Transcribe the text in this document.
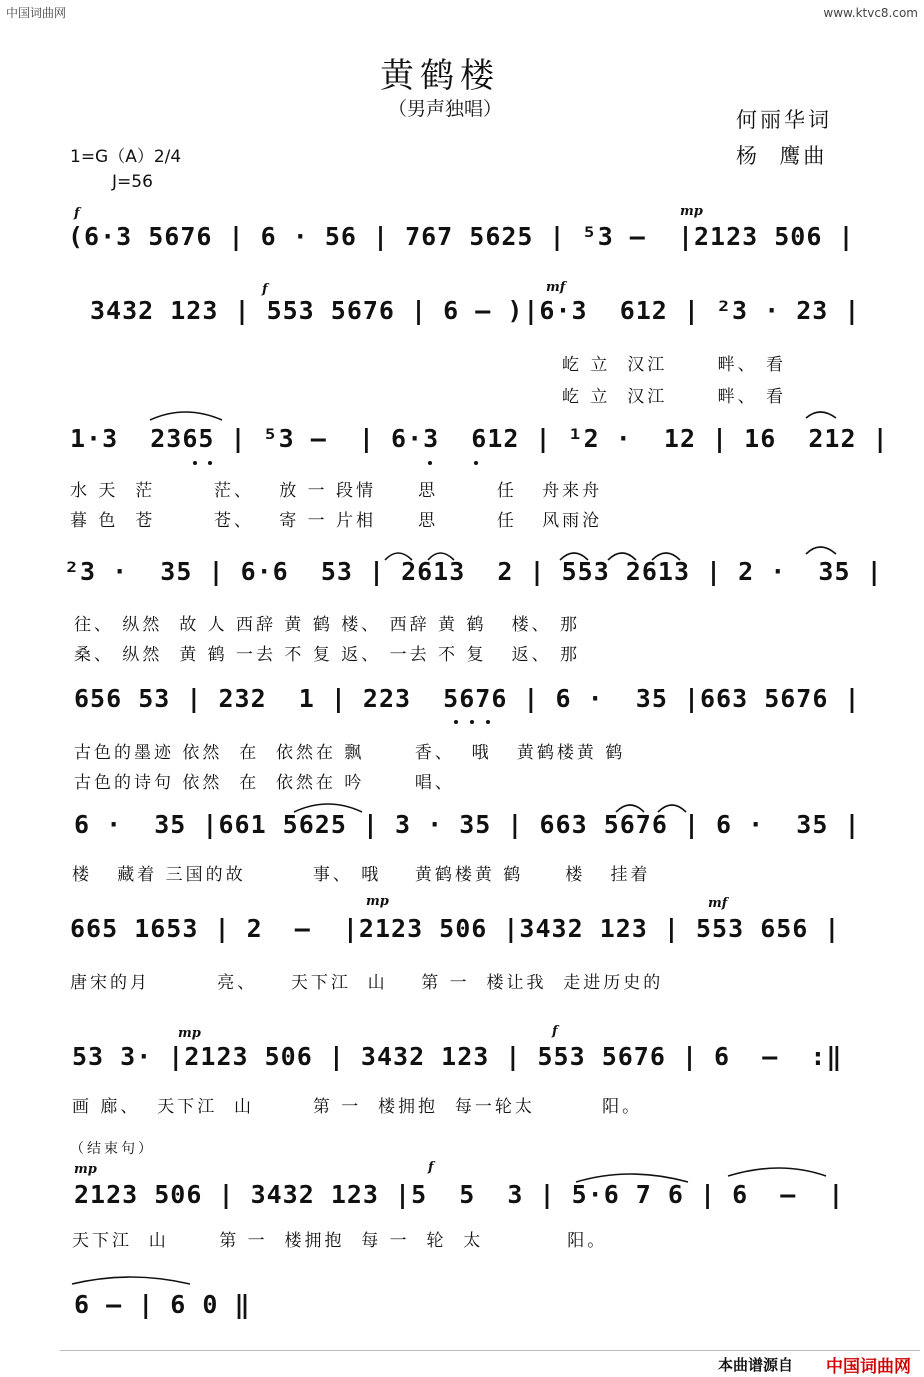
中国词曲网	www.ktvc8.com
黄鹤楼
（男声独唱）	何丽华词
杨  鹰曲
1=G（A）2/4
J=56
f	mp
f	mf
mp	mf
mp	f
mp	f
(6·3 5676 | 6 · 56 | 767 5625 | ⁵3 –  |2123 506 |
3432 123 | 553 5676 | 6 – )|6·3  612 | ²3 · 23 |
屹 立  汉江      畔、 看
屹 立  汉江      畔、 看
1·3  2365 | ⁵3 –  | 6·3  612 | ¹2 ·  12 | 16  212 |
水 天  茫       茫、   放 一 段情     思       任   舟来舟
暮 色  苍       苍、   寄 一 片相     思       任   风雨沧
²3 ·  35 | 6·6  53 | 2613  2 | 553 2613 | 2 ·  35 |
往、 纵然  故 人 西辞 黄 鹤 楼、 西辞 黄 鹤   楼、 那
桑、 纵然  黄 鹤 一去 不 复 返、 一去 不 复   返、 那
656 53 | 232  1 | 223  5676 | 6 ·  35 |663 5676 |
古色的墨迹 依然  在  依然在 飘      香、  哦   黄鹤楼黄 鹤
古色的诗句 依然  在  依然在 吟      唱、
6 ·  35 |661 5625 | 3 · 35 | 663 5676 | 6 ·  35 |
楼   藏着 三国的故        事、 哦    黄鹤楼黄 鹤     楼   挂着
665 1653 | 2  –  |2123 506 |3432 123 | 553 656 |
唐宋的月        亮、    天下江  山    第 一  楼让我  走进历史的
53 3· |2123 506 | 3432 123 | 553 5676 | 6  –  :‖
画 廊、  天下江  山       第 一  楼拥抱  每一轮太        阳。
（结束句）
2123 506 | 3432 123 |5  5  3 | 5·6 7 6 | 6  –  |
天下江  山      第 一  楼拥抱  每 一  轮  太          阳。
6 – | 6 0 ‖
本曲谱源自 中国词曲网
